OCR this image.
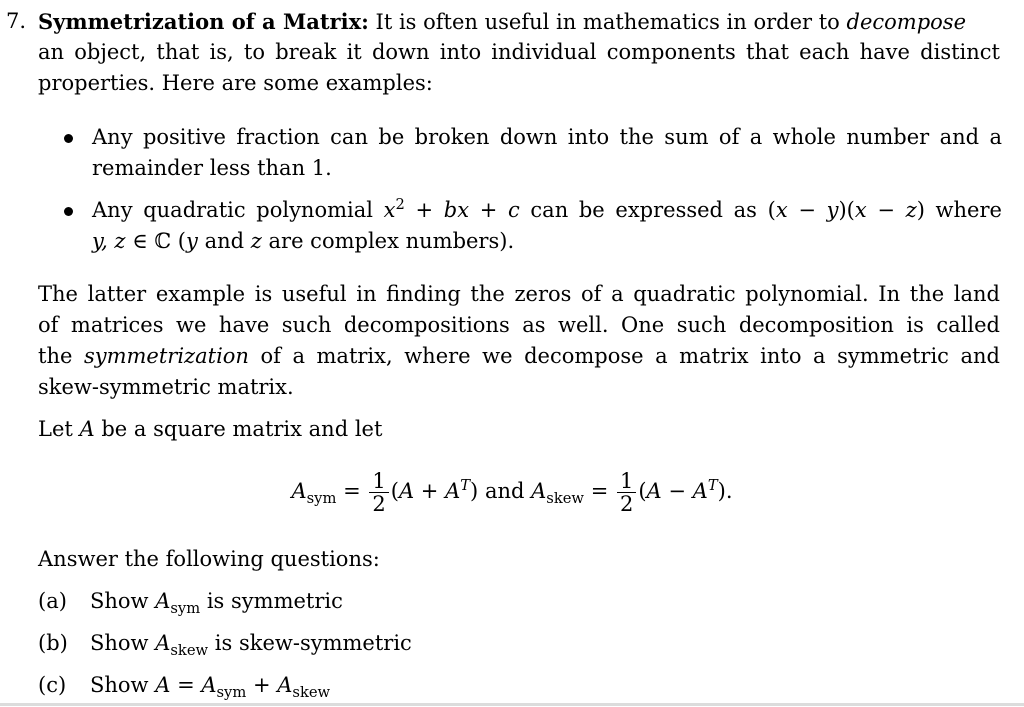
7. Symmetrization of a Matrix: It is often useful in mathematics in order to decompose

an object, that is, to break it down into individual components that each have distinct

properties. Here are some examples:

Any positive fraction can be broken down into the sum of a whole number and a

remainder less than 1.

Any quadratic polynomial $x^2$ + bx + c can be expressed as (x − y)(x − z) where

y, z ∈ ℂ (y and z are complex numbers).

The latter example is useful in finding the zeros of a quadratic polynomial. In the land

of matrices we have such decompositions as well. One such decomposition is called

the symmetrization of a matrix, where we decompose a matrix into a symmetric and

skew-symmetric matrix.

Let A be a square matrix and let

$A_{sym} = \frac{1}{2} (A + A^T)$ and $A_{skew} = \frac{1}{2} (A - A^T)$.

Answer the following questions:

(a) Show $A_{sym}$ is symmetric

(b) Show $A_{skew}$ is skew-symmetric

(c) Show $A = A_{sym} + A_{skew}$
